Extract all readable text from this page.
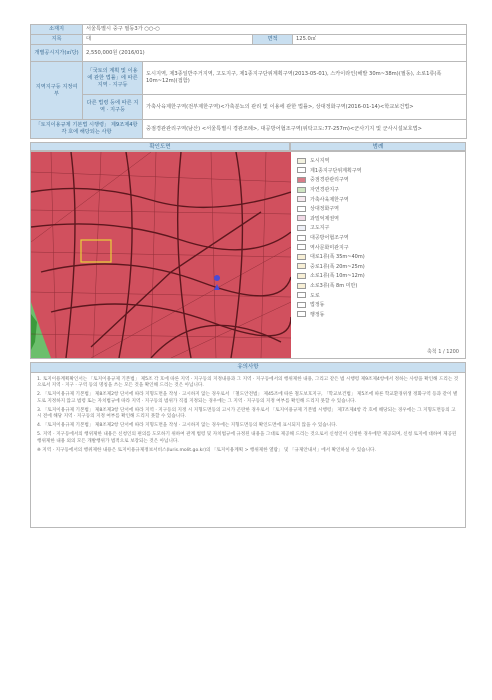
소재지	서울특별시 중구 필동3가 ○○-○			
지목	대		면적	125.0㎡
개별공시지가(㎡당)	2,550,000원 (2016/01)			
지역지구등 지정여부	「국토의 계획 및 이용에 관한 법률」에 따른 지역 · 지구등	도시지역, 제3종일반주거지역, 고도지구, 제1종지구단위계획구역(2013-05-01), 스카이라인(해발 30m~38m)(필동), 소로1류(폭 10m~12m)(접함)		
	다른 법령 등에 따른 지역 · 지구등	가축사육제한구역(전부제한구역)<가축분뇨의 관리 및 이용에 관한 법률>, 상대정화구역(2016-01-14)<학교보건법>		
「토지이용규제 기본법 시행령」 제9조제4항 각 호에 해당되는 사항		중점경관관리구역(남산) <서울특별시 경관조례>, 대공방어협조구역(위탁고도:77-257m)<군사기지 및 군사시설보호법>		
확인도면	범례
도시지역
제1종지구단위계획구역
중점경관관리구역
자연경관지구
가축사육제한구역
상대정화구역
과밀억제권역
고도지구
대공방어협조구역
역사문화미관지구
대로1류(폭 35m~40m)
중로1류(폭 20m~25m)
소로1류(폭 10m~12m)
소로3류(폭 8m 미만)
도로
법정동
행정동
축척 1 / 1200
유의사항

1. 토지이용계획확인서는 「토지이용규제 기본법」 제5조 각 호에 따른 지역 · 지구등의 지정내용과 그 지역 · 지구등에서의 행위제한 내용, 그리고 같은 법 시행령 제9조제4항에서 정하는 사항을 확인해 드리는 것으로서 지역 · 지구 · 구역 등의 명칭을 쓰는 모든 것을 확인해 드리는 것은 아닙니다.

2. 「토지이용규제 기본법」 제8조제2항 단서에 따라 지형도면을 작성 · 고시하지 않는 경우로서 「철도안전법」 제45조에 따른 철도보호지구, 「학교보건법」 제5조에 따른 학교환경위생 정화구역 등과 같이 별도로 지정하지 않고 법령 또는 자치법규에 따라 지역 · 지구등의 범위가 직접 지정되는 경우에는 그 지역 · 지구등의 지정 여부를 확인해 드리지 못할 수 있습니다.

3. 「토지이용규제 기본법」 제8조제3항 단서에 따라 지역 · 지구등의 지정 시 지형도면등의 고시가 곤란한 경우로서 「토지이용규제 기본법 시행령」 제7조제4항 각 호에 해당되는 경우에는 그 지형도면등의 고시 전에 해당 지역 · 지구등의 지정 여부를 확인해 드리지 못할 수 있습니다.

4. 「토지이용규제 기본법」 제8조제2항 단서에 따라 지형도면을 작성 · 고시하지 않는 경우에는 지형도면등의 확인도면에 표시되지 않을 수 있습니다.

5. 지역 · 지구등에서의 행위제한 내용은 신청인의 편의를 도모하기 위하여 관계 법령 및 자치법규에 규정된 내용을 그대로 제공해 드리는 것으로서 신청인이 신청한 경우에만 제공되며, 신청 토지에 대하여 제공된 행위제한 내용 외의 모든 개발행위가 법적으로 보장되는 것은 아닙니다.

※ 지역 · 지구등에서의 행위제한 내용은 토지이용규제정보서비스(luris.molit.go.kr)의 「토지이용계획 > 행위제한 열람」 및 「규제안내서」에서 확인하실 수 있습니다.
